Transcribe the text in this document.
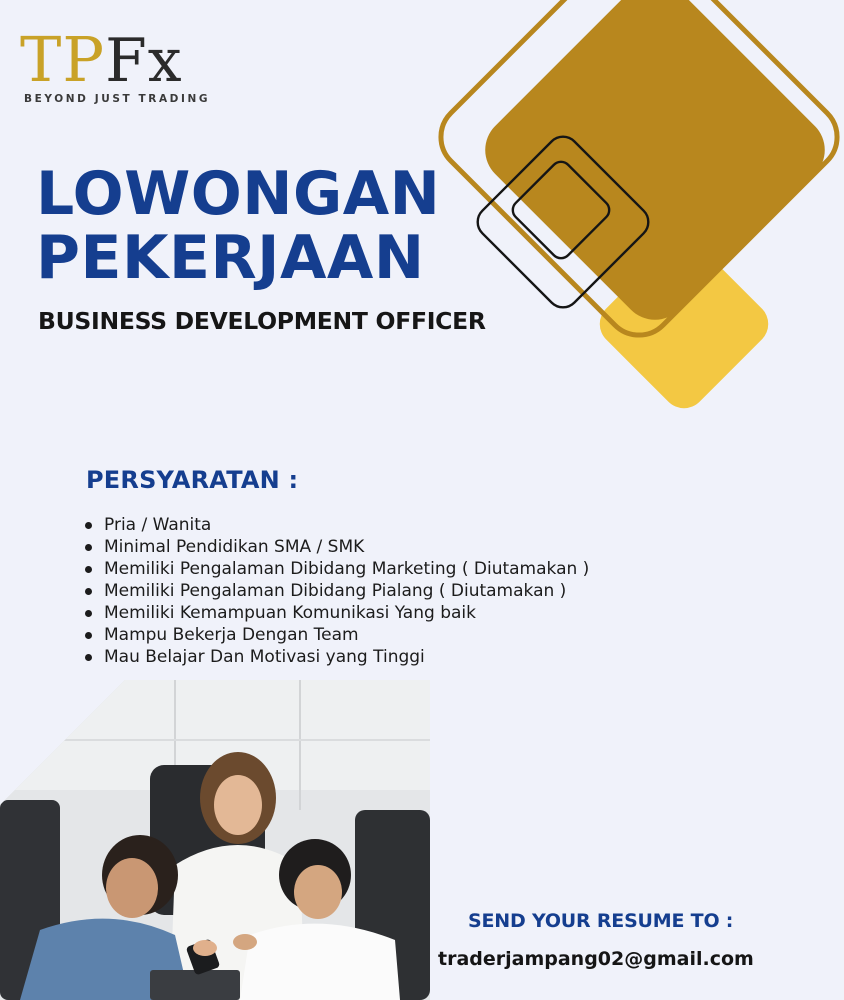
TPFx
BEYOND JUST TRADING
LOWONGAN
PEKERJAAN
BUSINESS DEVELOPMENT OFFICER
PERSYARATAN :
Pria / Wanita
Minimal Pendidikan SMA / SMK
Memiliki Pengalaman Dibidang Marketing ( Diutamakan )
Memiliki Pengalaman Dibidang Pialang ( Diutamakan )
Memiliki Kemampuan Komunikasi Yang baik
Mampu Bekerja Dengan Team
Mau Belajar Dan Motivasi yang Tinggi
SEND YOUR RESUME TO :

traderjampang02@gmail.com
